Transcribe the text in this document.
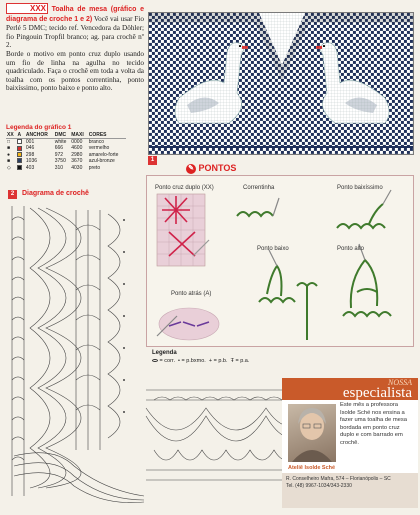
XXX Toalha de mesa (gráfico e diagrama de croche 1 e 2) Você vai usar Fio Perlé 5 DMC; tecido ref. Vencedora da Döhler; fio Pingouin Tropfil branco; ag. para crochê nº 2.
Borde o motivo em ponto cruz duplo usando um fio de linha na agulha no tecido quadriculado. Faça o crochê em toda a volta da toalha com os pontos correntinha, ponto baixíssimo, ponto baixo e ponto alto.
Legenda do gráfico 1
XX	A	ANCHOR	DMC	MAXI	CORES
□		001	white	0000	branco
■		046	666	4600	vermelho
●		298	972	2980	amarelo-forte
■		1036	3750	3670	azul-bronze
◇		403	310	4030	preto
1
✎ PONTOS
Ponto cruz duplo (XX)	Correntinha	Ponto baixíssimo
Ponto baixo	Ponto alto
Ponto atrás (A)
2	Diagrama de crochê
Legenda
= corr. • = p.bxmo. + = p.b. Ŧ = p.a.
NOSSA
especialista
Este mês a professora Isolde Sché nos ensina a fazer uma toalha de mesa bordada em ponto cruz duplo e com barrado em crochê.
Ateliê Isolde Sché
R. Conselheiro Mafra, 574 – Florianópolis – SC
Tel. (48) 9967-1034/343-2330
